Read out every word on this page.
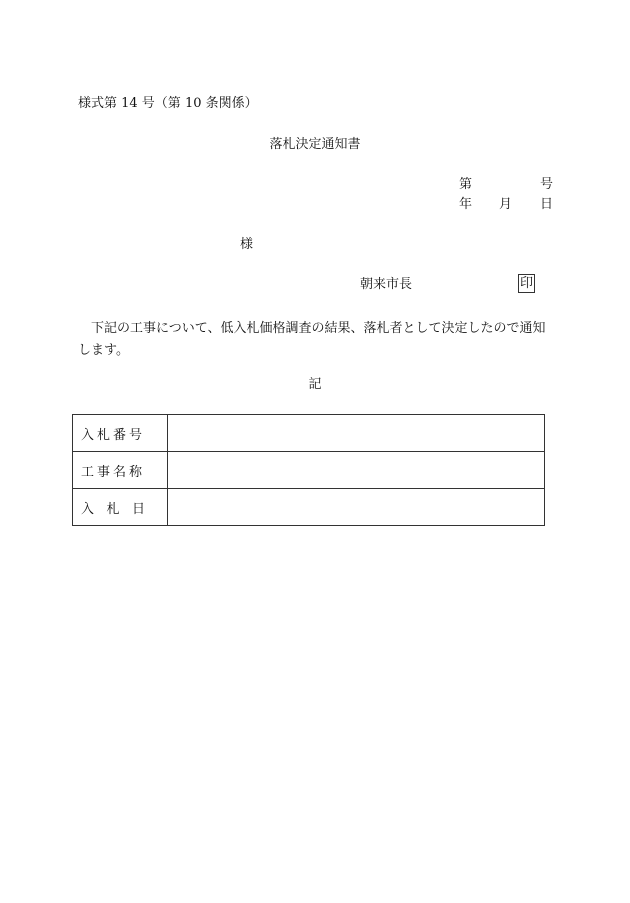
様式第 14 号（第 10 条関係）
落札決定通知書
第	号
年 月 日
様
朝来市長	印
下記の工事について、低入札価格調査の結果、落札者として決定したので通知します。
記
入札番号	
工事名称	

入 札 日	
